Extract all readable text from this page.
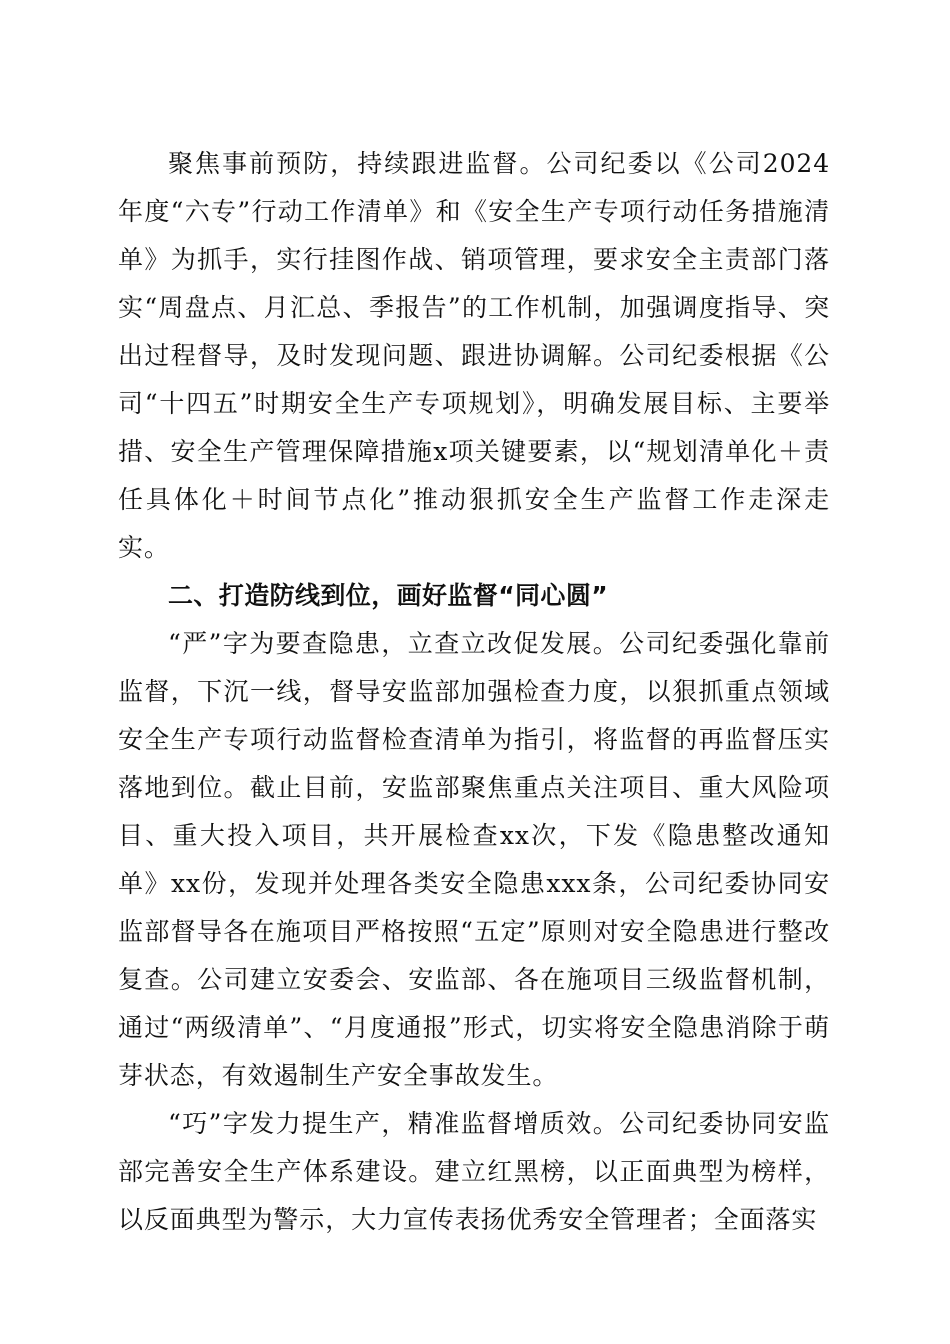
聚焦事前预防，持续跟进监督。公司纪委以《公司2024年度“六专”行动工作清单》和《安全生产专项行动任务措施清单》为抓手，实行挂图作战、销项管理，要求安全主责部门落实“周盘点、月汇总、季报告”的工作机制，加强调度指导、突出过程督导，及时发现问题、跟进协调解。公司纪委根据《公司“十四五”时期安全生产专项规划》，明确发展目标、主要举措、安全生产管理保障措施x项关键要素，以“规划清单化＋责任具体化＋时间节点化”推动狠抓安全生产监督工作走深走实。

二、打造防线到位，画好监督“同心圆”

“严”字为要查隐患，立查立改促发展。公司纪委强化靠前监督，下沉一线，督导安监部加强检查力度，以狠抓重点领域安全生产专项行动监督检查清单为指引，将监督的再监督压实落地到位。截止目前，安监部聚焦重点关注项目、重大风险项目、重大投入项目，共开展检查xx次，下发《隐患整改通知单》xx份，发现并处理各类安全隐患xxx条，公司纪委协同安监部督导各在施项目严格按照“五定”原则对安全隐患进行整改复查。公司建立安委会、安监部、各在施项目三级监督机制，通过“两级清单”、“月度通报”形式，切实将安全隐患消除于萌芽状态，有效遏制生产安全事故发生。

“巧”字发力提生产，精准监督增质效。公司纪委协同安监部完善安全生产体系建设。建立红黑榜，以正面典型为榜样，以反面典型为警示，大力宣传表扬优秀安全管理者；全面落实
